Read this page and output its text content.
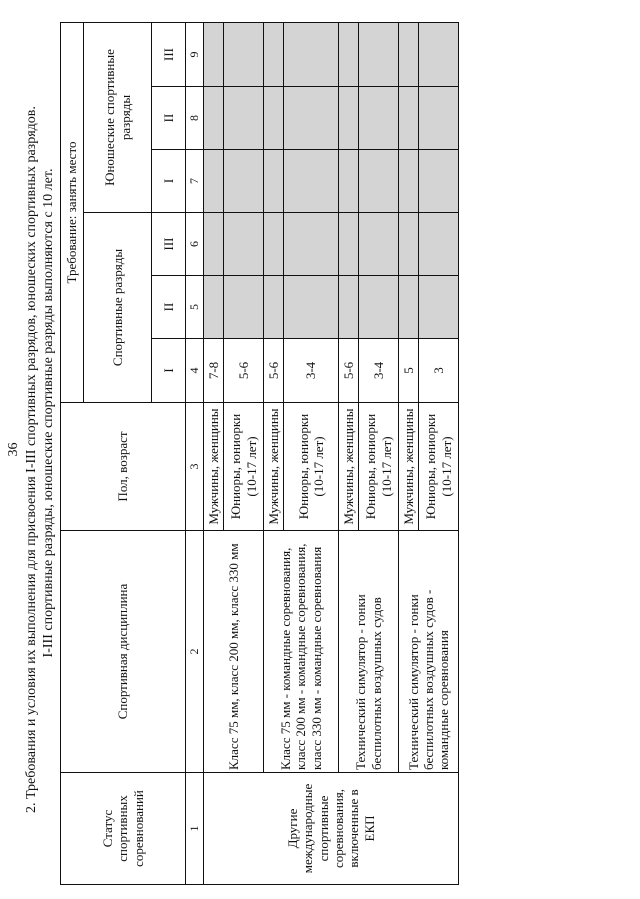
36 2. Требования и условия их выполнения для присвоения I-III спортивных разрядов, юношеских спортивных разрядов. I-III спортивные разряды, юношеские спортивные разряды выполняются с 10 лет.
Статус спортивных соревнований	Спортивная дисциплина	Пол, возраст	Требование: занять место					
			Спортивные разряды			Юношеские спортивные разряды		
			I	II	III	I	II	III
1	2	3	4	5	6	7	8	9
Другие международные спортивные соревнования, включенные в ЕКП	Класс 75 мм, класс 200 мм, класс 330 мм	Мужчины, женщины	7-8					
		Юниоры, юниорки (10-17 лет)	5-6					
	Класс 75 мм - командные соревнования, класс 200 мм - командные соревнования, класс 330 мм - командные соревнования	Мужчины, женщины	5-6					
		Юниоры, юниорки (10-17 лет)	3-4					
	Технический симулятор - гонки беспилотных воздушных судов	Мужчины, женщины	5-6					
		Юниоры, юниорки (10-17 лет)	3-4					
	Технический симулятор - гонки беспилотных воздушных судов - командные соревнования	Мужчины, женщины	5					
		Юниоры, юниорки (10-17 лет)	3					
